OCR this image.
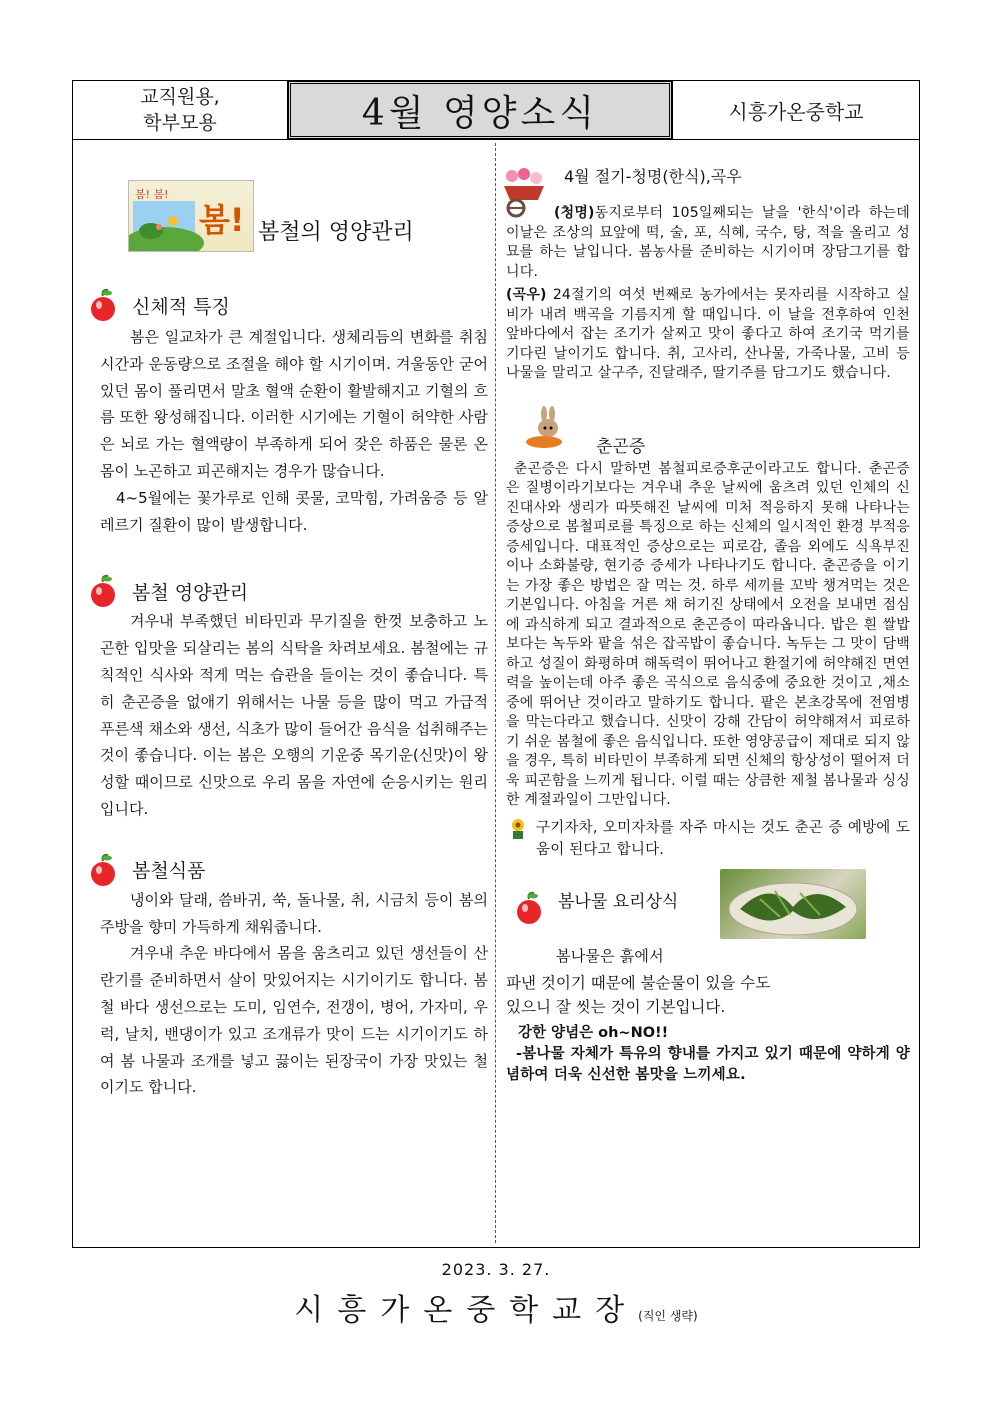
교직원용,
학부모용	4월 영양소식	시흥가온중학교
봄! 봄!
봄! 봄철의 영양관리
신체적 특징

봄은 일교차가 큰 계절입니다. 생체리듬의 변화를 취침시간과 운동량으로 조절을 해야 할 시기이며. 겨울동안 굳어 있던 몸이 풀리면서 말초 혈액 순환이 활발해지고 기혈의 흐름 또한 왕성해집니다. 이러한 시기에는 기혈이 허약한 사람은 뇌로 가는 혈액량이 부족하게 되어 잦은 하품은 물론 온 몸이 노곤하고 피곤해지는 경우가 많습니다.

4~5월에는 꽃가루로 인해 콧물, 코막힘, 가려움증 등 알레르기 질환이 많이 발생합니다.

봄철 영양관리

겨우내 부족했던 비타민과 무기질을 한껏 보충하고 노곤한 입맛을 되살리는 봄의 식탁을 차려보세요. 봄철에는 규칙적인 식사와 적게 먹는 습관을 들이는 것이 좋습니다. 특히 춘곤증을 없애기 위해서는 나물 등을 많이 먹고 가급적 푸른색 채소와 생선, 식초가 많이 들어간 음식을 섭취해주는 것이 좋습니다. 이는 봄은 오행의 기운중 목기운(신맛)이 왕성할 때이므로 신맛으로 우리 몸을 자연에 순응시키는 원리입니다.

봄철식품

냉이와 달래, 씀바귀, 쑥, 돌나물, 취, 시금치 등이 봄의 주방을 향미 가득하게 채워줍니다.

겨우내 추운 바다에서 몸을 움츠리고 있던 생선들이 산란기를 준비하면서 살이 맛있어지는 시기이기도 합니다. 봄철 바다 생선으로는 도미, 임연수, 전갱이, 병어, 가자미, 우럭, 날치, 밴댕이가 있고 조개류가 맛이 드는 시기이기도 하여 봄 나물과 조개를 넣고 끓이는 된장국이 가장 맛있는 철이기도 합니다.

4월 절기-청명(한식),곡우

(청명)동지로부터 105일째되는 날을 '한식'이라 하는데 이날은 조상의 묘앞에 떡, 술, 포, 식혜, 국수, 탕, 적을 올리고 성묘를 하는 날입니다. 봄농사를 준비하는 시기이며 장담그기를 합니다.

(곡우) 24절기의 여섯 번째로 농가에서는 못자리를 시작하고 실비가 내려 백곡을 기름지게 할 때입니다. 이 날을 전후하여 인천 앞바다에서 잡는 조기가 살찌고 맛이 좋다고 하여 조기국 먹기를 기다린 날이기도 합니다. 취, 고사리, 산나물, 가죽나물, 고비 등 나물을 말리고 살구주, 진달래주, 딸기주를 담그기도 했습니다.

춘곤증

춘곤증은 다시 말하면 봄철피로증후군이라고도 합니다. 춘곤증은 질병이라기보다는 겨우내 추운 날씨에 움츠려 있던 인체의 신진대사와 생리가 따뜻해진 날씨에 미처 적응하지 못해 나타나는 증상으로 봄철피로를 특징으로 하는 신체의 일시적인 환경 부적응 증세입니다. 대표적인 증상으로는 피로감, 졸음 외에도 식욕부진이나 소화불량, 현기증 증세가 나타나기도 합니다. 춘곤증을 이기는 가장 좋은 방법은 잘 먹는 것. 하루 세끼를 꼬박 챙겨먹는 것은 기본입니다. 아침을 거른 채 허기진 상태에서 오전을 보내면 점심에 과식하게 되고 결과적으로 춘곤증이 따라옵니다. 밥은 흰 쌀밥보다는 녹두와 팥을 섞은 잡곡밥이 좋습니다. 녹두는 그 맛이 담백하고 성질이 화평하며 해독력이 뛰어나고 환절기에 허약해진 면연력을 높이는데 아주 좋은 곡식으로 음식중에 중요한 것이고 ,채소중에 뛰어난 것이라고 말하기도 합니다. 팥은 본초강목에 전염병을 막는다라고 했습니다. 신맛이 강해 간담이 허약해져서 피로하기 쉬운 봄철에 좋은 음식입니다. 또한 영양공급이 제대로 되지 않을 경우, 특히 비타민이 부족하게 되면 신체의 항상성이 떨어져 더욱 피곤함을 느끼게 됩니다. 이럴 때는 상큼한 제철 봄나물과 싱싱한 계절과일이 그만입니다.

구기자차, 오미자차를 자주 마시는 것도 춘곤 증 예방에 도움이 된다고 합니다.

봄나물 요리상식
봄나물은 흙에서
파낸 것이기 때문에 불순물이 있을 수도
있으니 잘 씻는 것이 기본입니다.
강한 양념은 oh~NO!!

-봄나물 자체가 특유의 향내를 가지고 있기 때문에 약하게 양념하여 더욱 신선한 봄맛을 느끼세요.

2023. 3. 27.
시흥가온중학교장(직인 생략)
